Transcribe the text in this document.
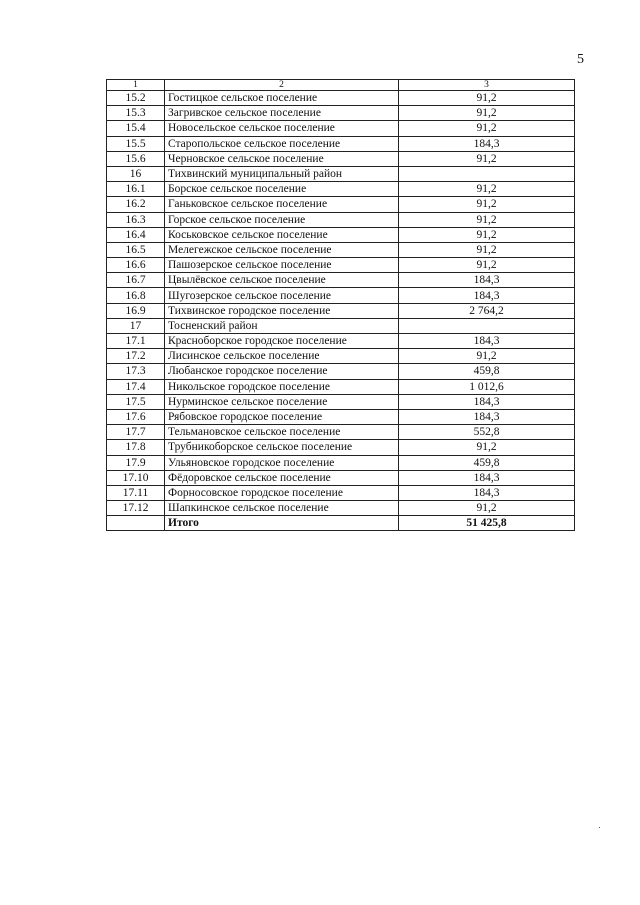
5
1	2	3
15.2	Гостицкое сельское поселение	91,2
15.3	Загривское сельское поселение	91,2
15.4	Новосельское сельское поселение	91,2
15.5	Старопольское сельское поселение	184,3
15.6	Черновское сельское поселение	91,2
16	Тихвинский муниципальный район	
16.1	Борское сельское поселение	91,2
16.2	Ганьковское сельское поселение	91,2
16.3	Горское сельское поселение	91,2
16.4	Коськовское сельское поселение	91,2
16.5	Мелегежское сельское поселение	91,2
16.6	Пашозерское сельское поселение	91,2
16.7	Цвылёвское сельское поселение	184,3
16.8	Шугозерское сельское поселение	184,3
16.9	Тихвинское городское поселение	2 764,2
17	Тосненский район	
17.1	Красноборское городское поселение	184,3
17.2	Лисинское сельское поселение	91,2
17.3	Любанское городское поселение	459,8
17.4	Никольское городское поселение	1 012,6
17.5	Нурминское сельское поселение	184,3
17.6	Рябовское городское поселение	184,3
17.7	Тельмановское сельское поселение	552,8
17.8	Трубникоборское сельское поселение	91,2
17.9	Ульяновское городское поселение	459,8
17.10	Фёдоровское сельское поселение	184,3
17.11	Форносовское городское поселение	184,3
17.12	Шапкинское сельское поселение	91,2
	Итого	51 425,8
